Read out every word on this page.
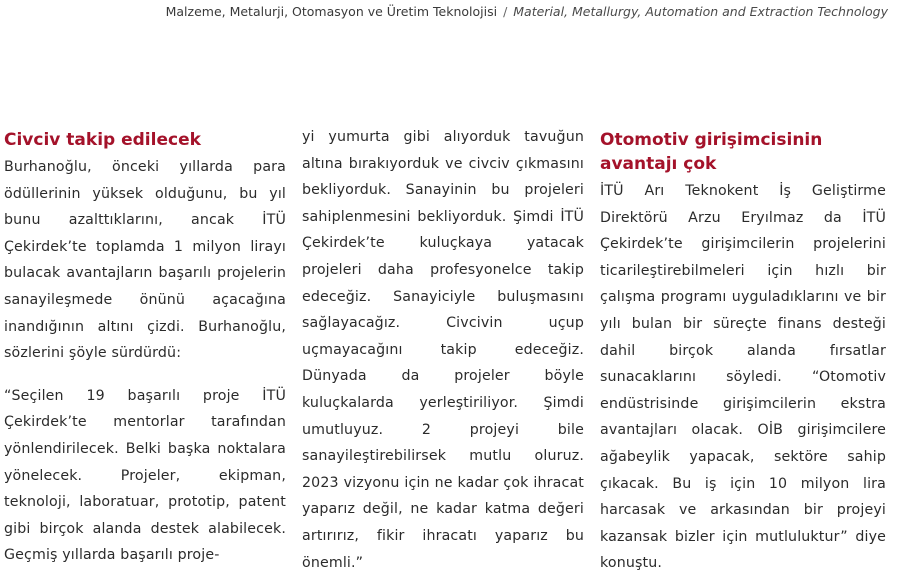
Malzeme, Metalurji, Otomasyon ve Üretim Teknolojisi / Material, Metallurgy, Automation and Extraction Technology
Civciv takip edilecek

Burhanoğlu, önceki yıllarda para ödüllerinin yüksek olduğunu, bu yıl bunu azalttıklarını, ancak İTÜ Çekirdek’te toplamda 1 milyon lirayı bulacak avantajların başarılı projelerin sanayileşmede önünü açacağına inandığının altını çizdi. Burhanoğlu, sözlerini şöyle sürdürdü:

“Seçilen 19 başarılı proje İTÜ Çekirdek’te mentorlar tarafından yönlendirilecek. Belki başka noktalara yönelecek. Projeler, ekipman, teknoloji, laboratuar, prototip, patent gibi birçok alanda destek alabilecek. Geçmiş yıllarda başarılı proje-

yi yumurta gibi alıyorduk tavuğun altına bırakıyorduk ve civciv çıkmasını bekliyorduk. Sanayinin bu projeleri sahiplenmesini bekliyorduk. Şimdi İTÜ Çekirdek’te kuluçkaya yatacak projeleri daha profesyonelce takip edeceğiz. Sanayiciyle buluşmasını sağlayacağız. Civcivin uçup uçmayacağını takip edeceğiz. Dünyada da projeler böyle kuluçkalarda yerleştiriliyor. Şimdi umutluyuz. 2 projeyi bile sanayileştirebilirsek mutlu oluruz. 2023 vizyonu için ne kadar çok ihracat yaparız değil, ne kadar katma değeri artırırız, fikir ihracatı yaparız bu önemli.”

Otomotiv girişimcisinin avantajı çok

İTÜ Arı Teknokent İş Geliştirme Direktörü Arzu Eryılmaz da İTÜ Çekirdek’te girişimcilerin projelerini ticarileştirebilmeleri için hızlı bir çalışma programı uyguladıklarını ve bir yılı bulan bir süreçte finans desteği dahil birçok alanda fırsatlar sunacaklarını söyledi. “Otomotiv endüstrisinde girişimcilerin ekstra avantajları olacak. OİB girişimcilere ağabeylik yapacak, sektöre sahip çıkacak. Bu iş için 10 milyon lira harcasak ve arkasından bir projeyi kazansak bizler için mutluluktur” diye konuştu.
